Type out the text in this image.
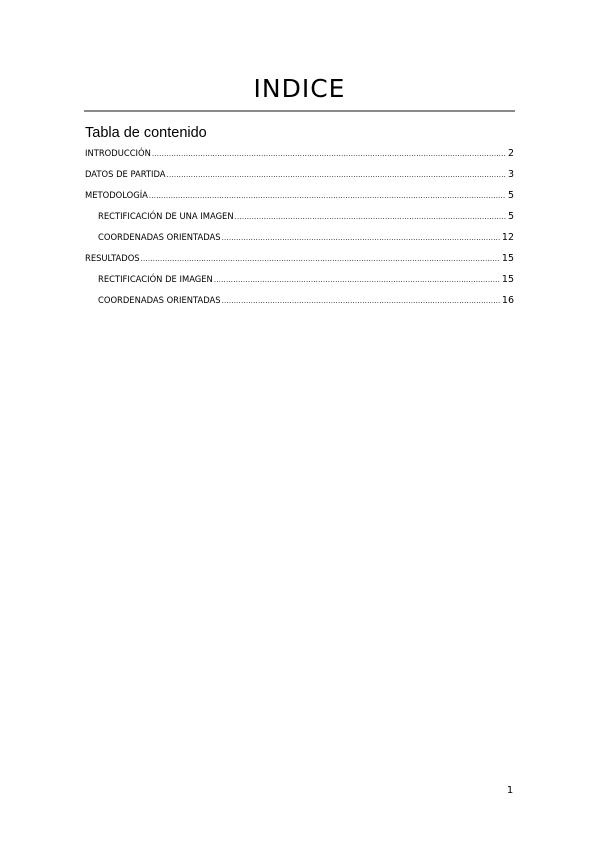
INDICE
Tabla de contenido
INTRODUCCIÓN .....	2
DATOS DE PARTIDA .....	3
METODOLOGÍA .....	5
RECTIFICACIÓN DE UNA IMAGEN .....	5
COORDENADAS ORIENTADAS .....	12
RESULTADOS .....	15
RECTIFICACIÓN DE IMAGEN .....	15
COORDENADAS ORIENTADAS .....	16
1
